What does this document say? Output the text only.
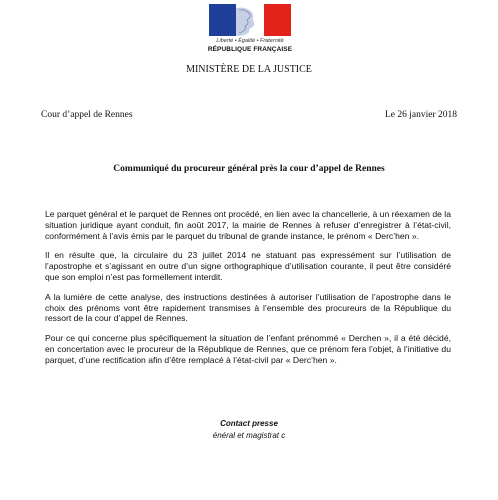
Liberté • Égalité • Fraternité
RÉPUBLIQUE FRANÇAISE
MINISTÈRE DE LA JUSTICE
Cour d’appel de Rennes	Le 26 janvier 2018
Communiqué du procureur général près la cour d’appel de Rennes

Le parquet général et le parquet de Rennes ont procédé, en lien avec la chancellerie, à un réexamen de la situation juridique ayant conduit, fin août 2017, la mairie de Rennes à refuser d’enregistrer à l’état-civil, conformément à l’avis émis par le parquet du tribunal de grande instance, le prénom « Derc’hen ».

Il en résulte que, la circulaire du 23 juillet 2014 ne statuant pas expressément sur l’utilisation de l’apostrophe et s’agissant en outre d’un signe orthographique d’utilisation courante, il peut être considéré que son emploi n’est pas formellement interdit.

A la lumière de cette analyse, des instructions destinées à autoriser l’utilisation de l’apostrophe dans le choix des prénoms vont être rapidement transmises à l’ensemble des procureurs de la République du ressort de la cour d’appel de Rennes.

Pour ce qui concerne plus spécifiquement la situation de l’enfant prénommé « Derchen », il a été décidé, en concertation avec le procureur de la République de Rennes, que ce prénom fera l’objet, à l’initiative du parquet, d’une rectification afin d’être remplacé à l’état-civil par « Derc’hen ».

Contact presse
énéral et magistrat c
